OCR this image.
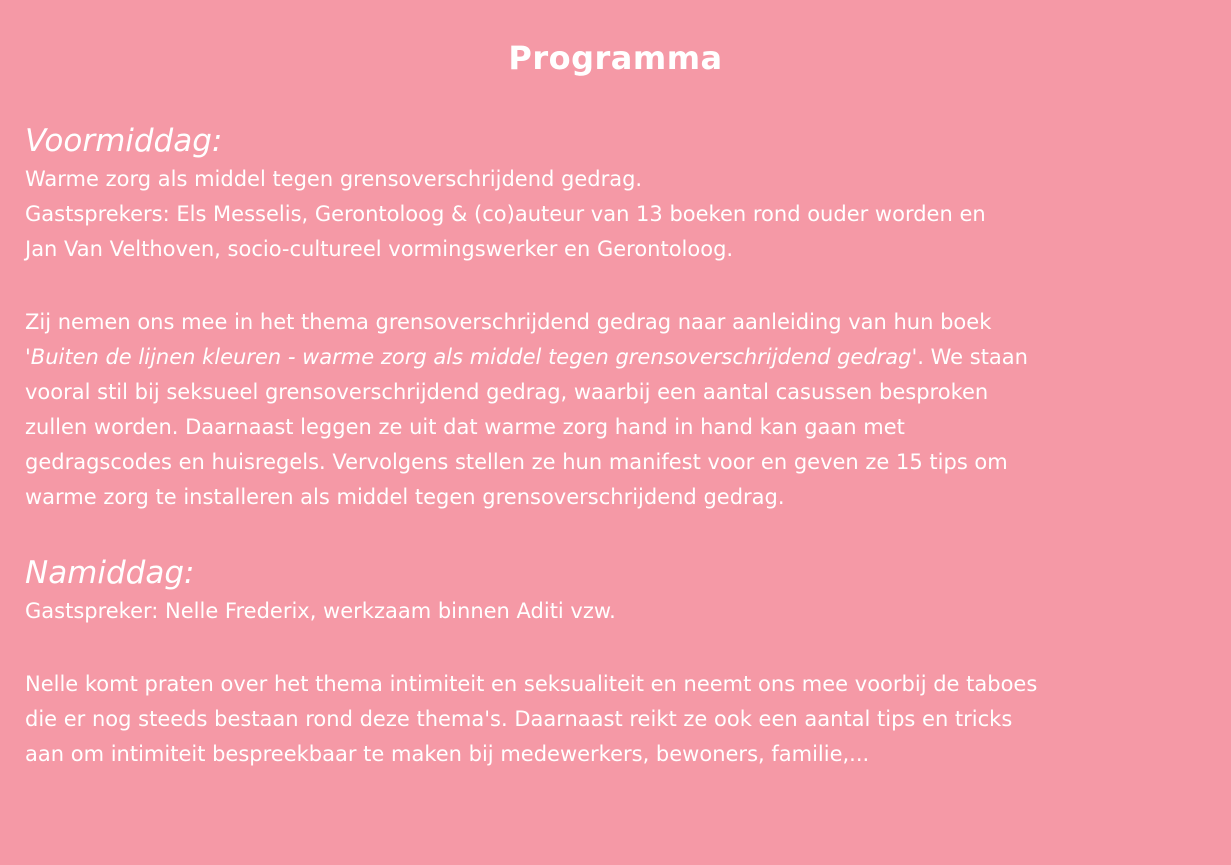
Programma
Voormiddag:

Warme zorg als middel tegen grensoverschrijdend gedrag.

Gastsprekers: Els Messelis, Gerontoloog & (co)auteur van 13 boeken rond ouder worden en

Jan Van Velthoven, socio-cultureel vormingswerker en Gerontoloog.

Zij nemen ons mee in het thema grensoverschrijdend gedrag naar aanleiding van hun boek

'Buiten de lijnen kleuren - warme zorg als middel tegen grensoverschrijdend gedrag'. We staan

vooral stil bij seksueel grensoverschrijdend gedrag, waarbij een aantal casussen besproken

zullen worden. Daarnaast leggen ze uit dat warme zorg hand in hand kan gaan met

gedragscodes en huisregels. Vervolgens stellen ze hun manifest voor en geven ze 15 tips om

warme zorg te installeren als middel tegen grensoverschrijdend gedrag.

Namiddag:

Gastspreker: Nelle Frederix, werkzaam binnen Aditi vzw.

Nelle komt praten over het thema intimiteit en seksualiteit en neemt ons mee voorbij de taboes

die er nog steeds bestaan rond deze thema's. Daarnaast reikt ze ook een aantal tips en tricks

aan om intimiteit bespreekbaar te maken bij medewerkers, bewoners, familie,...
